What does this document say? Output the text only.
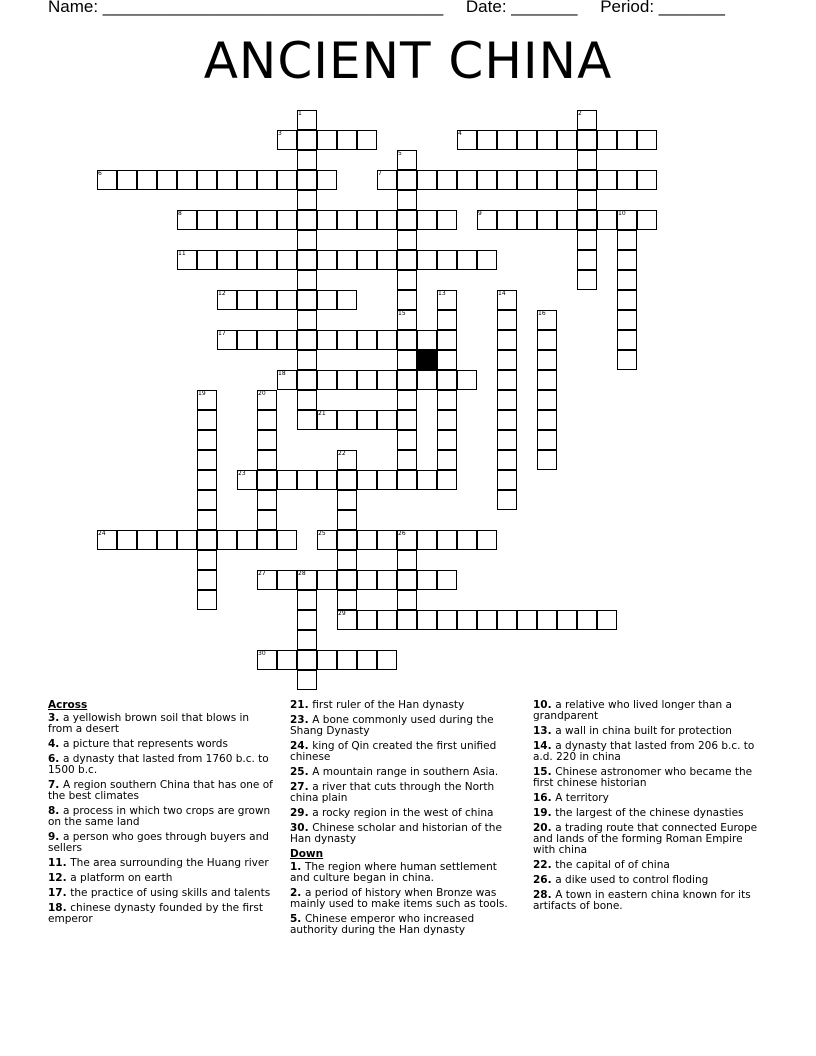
Name: ____________________________________ Date: _______ Period: _______
ANCIENT CHINA
3	4
6	7
8	9
11
12
17
18
21
23
24	25
27
29
30
1	2
5
10
13	14
15	16
19	20
22
26
28
Across
3. a yellowish brown soil that blows in from a desert
4. a picture that represents words
6. a dynasty that lasted from 1760 b.c. to 1500 b.c.
7. A region southern China that has one of the best climates
8. a process in which two crops are grown on the same land
9. a person who goes through buyers and sellers
11. The area surrounding the Huang river
12. a platform on earth
17. the practice of using skills and talents
18. chinese dynasty founded by the first emperor
21. first ruler of the Han dynasty
23. A bone commonly used during the Shang Dynasty
24. king of Qin created the first unified chinese
25. A mountain range in southern Asia.
27. a river that cuts through the North china plain
29. a rocky region in the west of china
30. Chinese scholar and historian of the Han dynasty
Down
1. The region where human settlement and culture began in china.
2. a period of history when Bronze was mainly used to make items such as tools.
5. Chinese emperor who increased authority during the Han dynasty
10. a relative who lived longer than a grandparent
13. a wall in china built for protection
14. a dynasty that lasted from 206 b.c. to a.d. 220 in china
15. Chinese astronomer who became the first chinese historian
16. A territory
19. the largest of the chinese dynasties
20. a trading route that connected Europe and lands of the forming Roman Empire with china
22. the capital of of china
26. a dike used to control floding
28. A town in eastern china known for its artifacts of bone.
